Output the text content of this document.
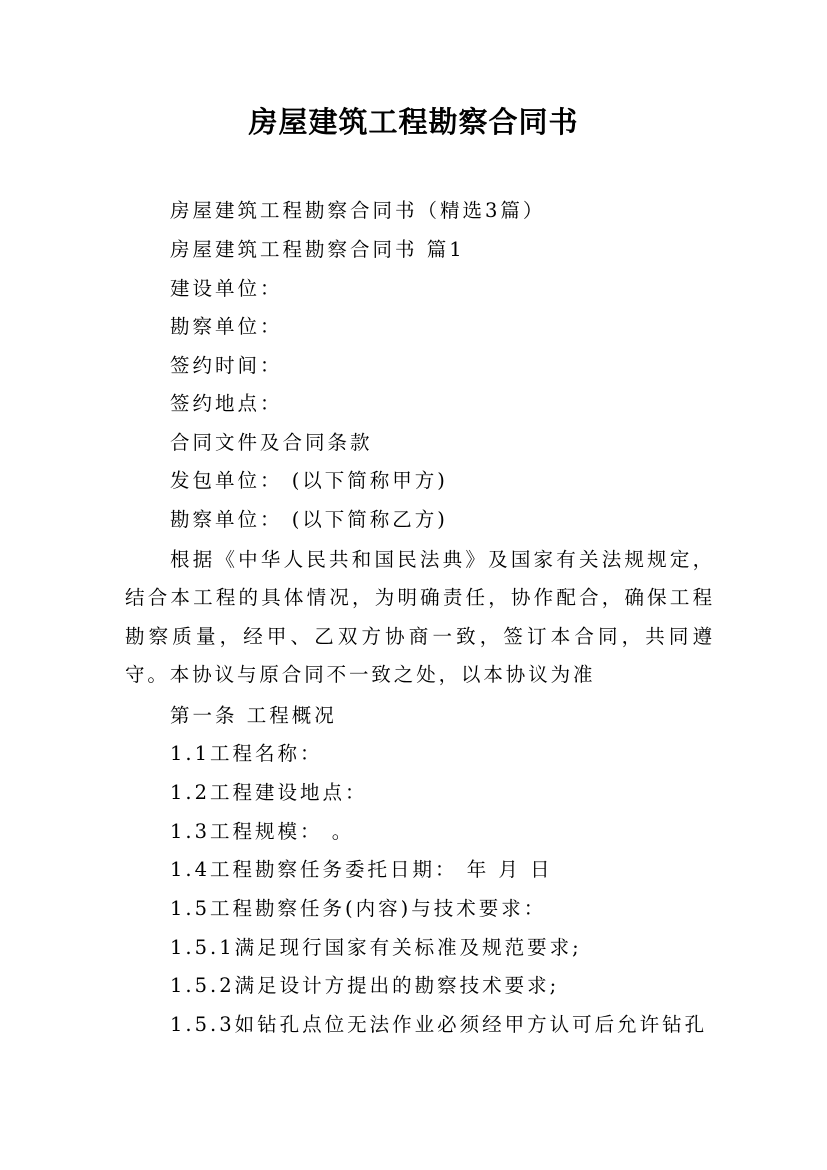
房屋建筑工程勘察合同书
房屋建筑工程勘察合同书（精选3篇）
房屋建筑工程勘察合同书 篇1
建设单位：
勘察单位：
签约时间：
签约地点：
合同文件及合同条款
发包单位： (以下简称甲方)
勘察单位： (以下简称乙方)

根据《中华人民共和国民法典》及国家有关法规规定，结合本工程的具体情况，为明确责任，协作配合，确保工程勘察质量，经甲、乙双方协商一致，签订本合同，共同遵守。本协议与原合同不一致之处，以本协议为准

第一条 工程概况
1.1工程名称：
1.2工程建设地点：
1.3工程规模： 。
1.4工程勘察任务委托日期： 年 月 日
1.5工程勘察任务(内容)与技术要求：
1.5.1满足现行国家有关标准及规范要求;
1.5.2满足设计方提出的勘察技术要求;
1.5.3如钻孔点位无法作业必须经甲方认可后允许钻孔
